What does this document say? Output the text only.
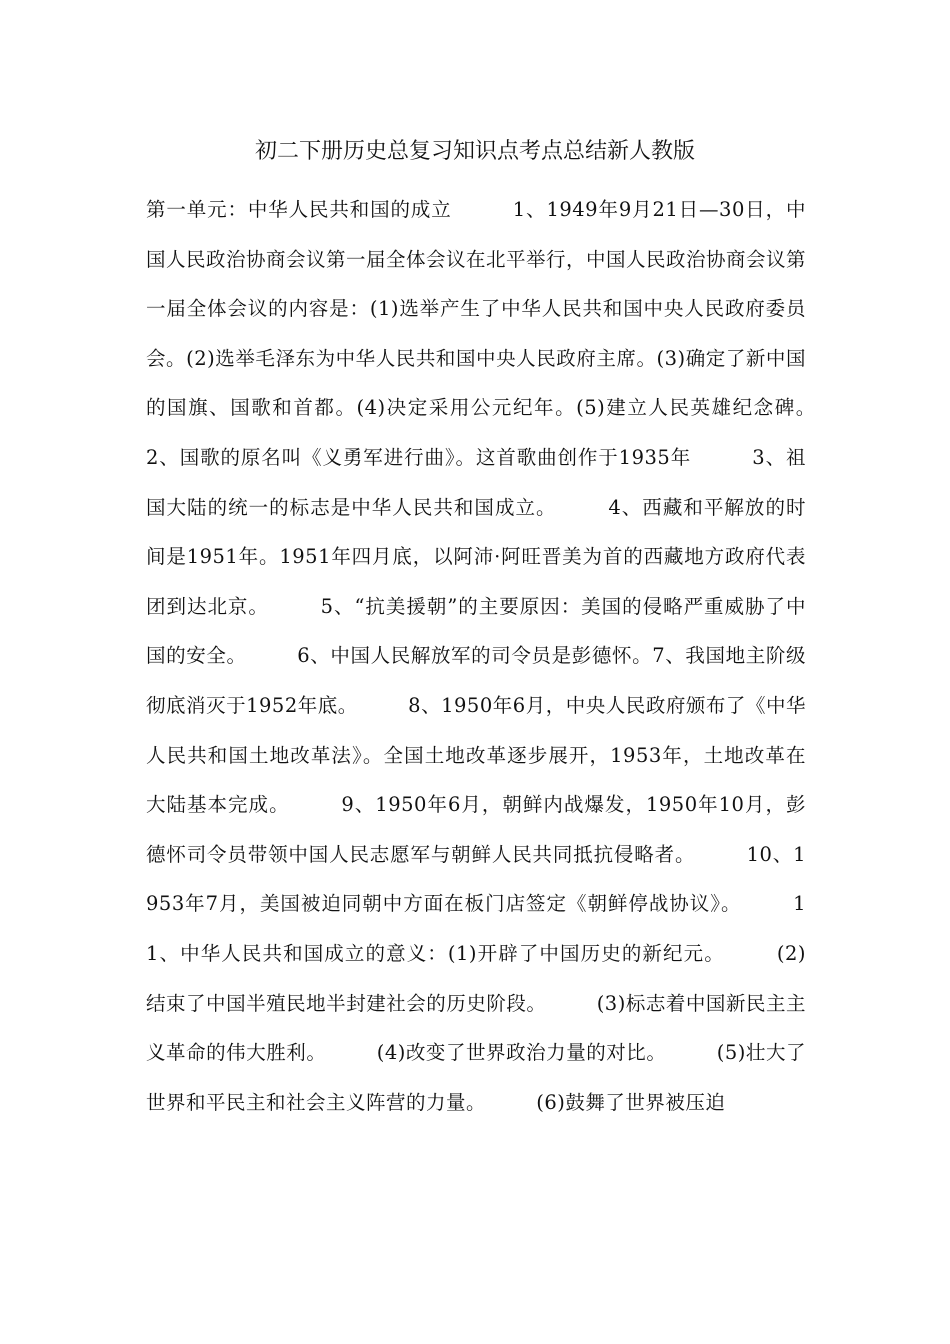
初二下册历史总复习知识点考点总结新人教版

第一单元：中华人民共和国的成立　　　1、1949年9月21日—30日，中国人民政治协商会议第一届全体会议在北平举行，中国人民政治协商会议第一届全体会议的内容是：(1)选举产生了中华人民共和国中央人民政府委员会。(2)选举毛泽东为中华人民共和国中央人民政府主席。(3)确定了新中国的国旗、国歌和首都。(4)决定采用公元纪年。(5)建立人民英雄纪念碑。　　　2、国歌的原名叫《义勇军进行曲》。这首歌曲创作于1935年　　　3、祖国大陆的统一的标志是中华人民共和国成立。　　　4、西藏和平解放的时间是1951年。1951年四月底，以阿沛·阿旺晋美为首的西藏地方政府代表团到达北京。　　　5、“抗美援朝”的主要原因：美国的侵略严重威胁了中国的安全。　　　6、中国人民解放军的司令员是彭德怀。7、我国地主阶级彻底消灭于1952年底。　　　8、1950年6月，中央人民政府颁布了《中华人民共和国土地改革法》。全国土地改革逐步展开，1953年，土地改革在大陆基本完成。　　　9、1950年6月，朝鲜内战爆发，1950年10月，彭德怀司令员带领中国人民志愿军与朝鲜人民共同抵抗侵略者。　　　10、1953年7月，美国被迫同朝中方面在板门店签定《朝鲜停战协议》。　　　11、中华人民共和国成立的意义：(1)开辟了中国历史的新纪元。　　　(2)结束了中国半殖民地半封建社会的历史阶段。　　　(3)标志着中国新民主主义革命的伟大胜利。　　　(4)改变了世界政治力量的对比。　　　(5)壮大了世界和平民主和社会主义阵营的力量。　　　(6)鼓舞了世界被压迫
